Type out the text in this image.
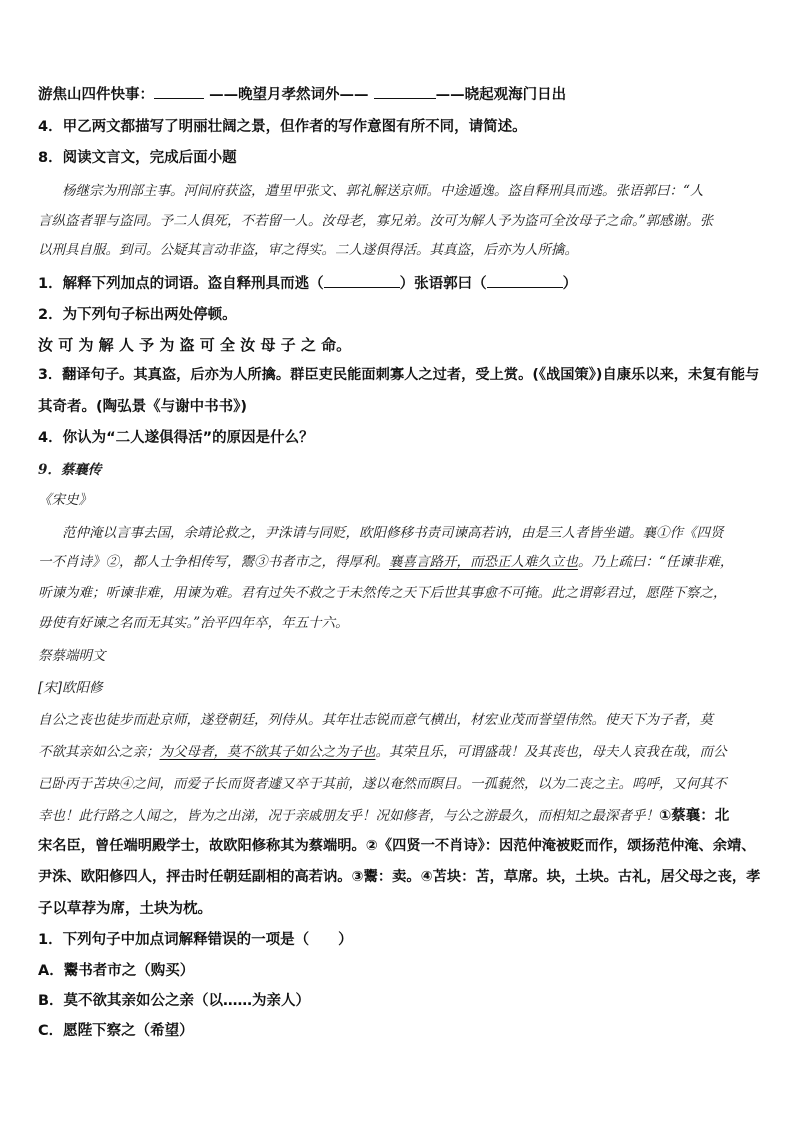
游焦山四件快事：	——晚望月孝然词外——	——晓起观海门日出
4．甲乙两文都描写了明丽壮阔之景，但作者的写作意图有所不同，请简述。
8．阅读文言文，完成后面小题
杨继宗为刑部主事。河间府获盗，遣里甲张文、郭礼解送京师。中途遁逸。盗自释刑具而逃。张语郭曰：“人
言纵盗者罪与盗同。予二人俱死，不若留一人。汝母老，寡兄弟。汝可为解人予为盗可全汝母子之命。”郭感谢。张
以刑具自服。到司。公疑其言动非盗，审之得实。二人遂俱得活。其真盗，后亦为人所擒。
1．解释下列加点的词语。盗自释刑具而逃（	）张语郭曰（	）
2．为下列句子标出两处停顿。
汝 可 为 解 人 予 为 盗 可 全 汝 母 子 之 命。
3．翻译句子。其真盗，后亦为人所擒。群臣吏民能面刺寡人之过者，受上赏。(《战国策》)自康乐以来，未复有能与
其奇者。(陶弘景《与谢中书书》)
4．你认为“二人遂俱得活”的原因是什么？
9．蔡襄传
《宋史》
范仲淹以言事去国，余靖论救之，尹洙请与同贬，欧阳修移书责司谏高若讷，由是三人者皆坐谴。襄①作《四贤
一不肖诗》②，都人士争相传写，鬻③书者市之，得厚利。襄喜言路开，而恐正人难久立也。乃上疏曰：“任谏非难，
听谏为难；听谏非难，用谏为难。君有过失不救之于未然传之天下后世其事愈不可掩。此之谓彰君过，愿陛下察之，
毋使有好谏之名而无其实。”治平四年卒，年五十六。
祭蔡端明文
[宋]欧阳修
自公之丧也徒步而赴京师，遂登朝廷，列侍从。其年壮志锐而意气横出，材宏业茂而誉望伟然。使天下为子者，莫
不欲其亲如公之亲；为父母者，莫不欲其子如公之为子也。其荣且乐，可谓盛哉！及其丧也，母夫人哀我在哉，而公
已卧丙于苫块④之间，而爱子长而贤者遽又卒于其前，遂以奄然而瞑目。一孤藐然，以为二丧之主。呜呼，又何其不
幸也！此行路之人闻之，皆为之出涕，况于亲戚朋友乎！况如修者，与公之游最久，而相知之最深者乎！①蔡襄：北
宋名臣，曾任端明殿学士，故欧阳修称其为蔡端明。②《四贤一不肖诗》：因范仲淹被贬而作，颂扬范仲淹、余靖、
尹洙、欧阳修四人，抨击时任朝廷副相的高若讷。③鬻：卖。④苫块：苫，草席。块，土块。古礼，居父母之丧，孝
子以草荐为席，土块为枕。
1．下列句子中加点词解释错误的一项是（　　）
A．鬻书者市之（购买）
B．莫不欲其亲如公之亲（以……为亲人）
C．愿陛下察之（希望）
